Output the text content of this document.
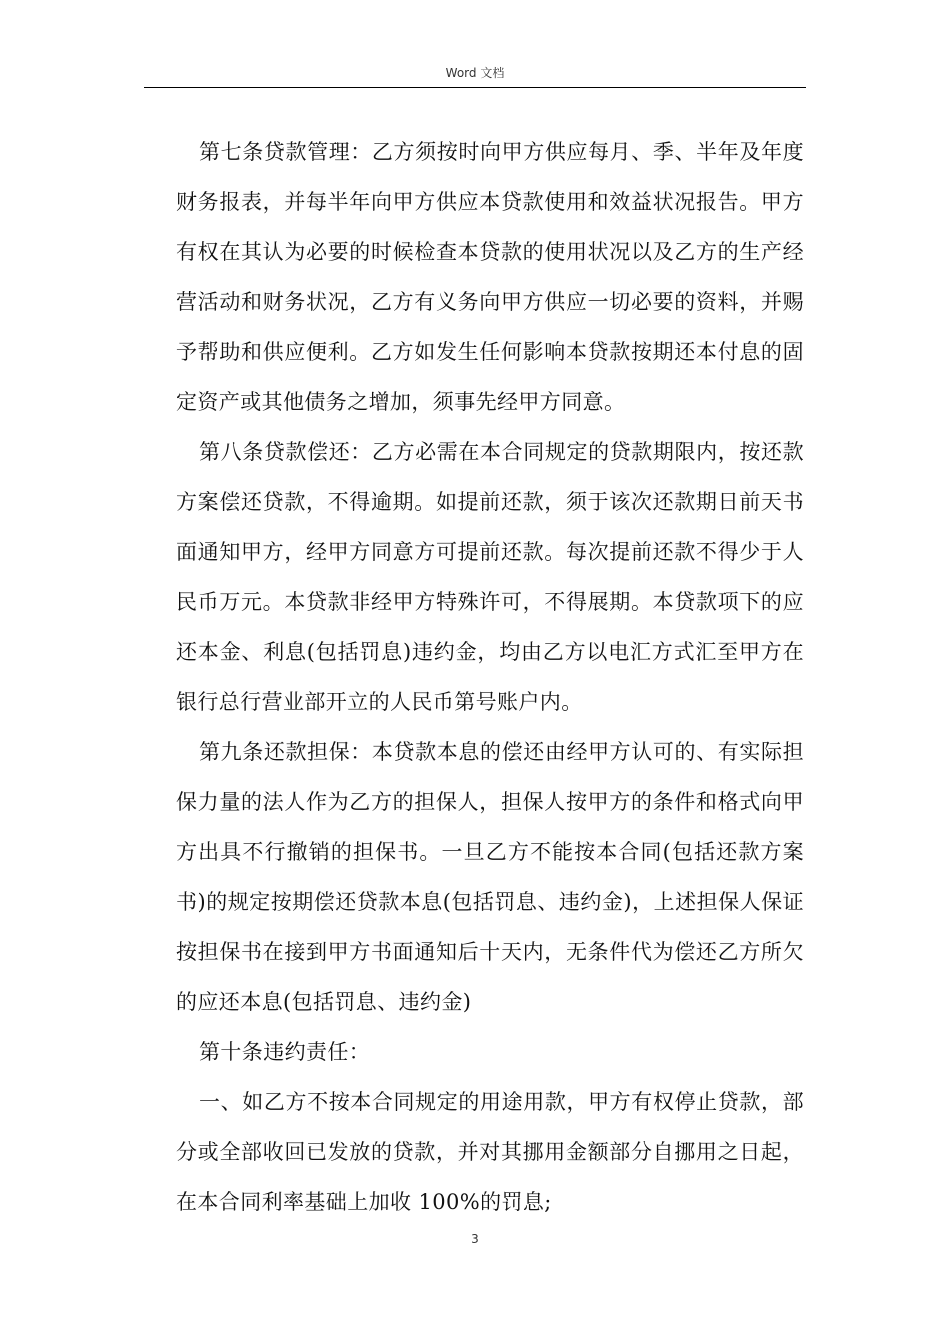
Word 文档

第七条贷款管理：乙方须按时向甲方供应每月、季、半年及年度财务报表，并每半年向甲方供应本贷款使用和效益状况报告。甲方有权在其认为必要的时候检查本贷款的使用状况以及乙方的生产经营活动和财务状况，乙方有义务向甲方供应一切必要的资料，并赐予帮助和供应便利。乙方如发生任何影响本贷款按期还本付息的固定资产或其他债务之增加，须事先经甲方同意。

第八条贷款偿还：乙方必需在本合同规定的贷款期限内，按还款方案偿还贷款，不得逾期。如提前还款，须于该次还款期日前天书面通知甲方，经甲方同意方可提前还款。每次提前还款不得少于人民币万元。本贷款非经甲方特殊许可，不得展期。本贷款项下的应还本金、利息(包括罚息)违约金，均由乙方以电汇方式汇至甲方在银行总行营业部开立的人民币第号账户内。

第九条还款担保：本贷款本息的偿还由经甲方认可的、有实际担保力量的法人作为乙方的担保人，担保人按甲方的条件和格式向甲方出具不行撤销的担保书。一旦乙方不能按本合同(包括还款方案书)的规定按期偿还贷款本息(包括罚息、违约金)，上述担保人保证按担保书在接到甲方书面通知后十天内，无条件代为偿还乙方所欠的应还本息(包括罚息、违约金)

第十条违约责任：

一、如乙方不按本合同规定的用途用款，甲方有权停止贷款，部分或全部收回已发放的贷款，并对其挪用金额部分自挪用之日起，在本合同利率基础上加收 100%的罚息;

3
